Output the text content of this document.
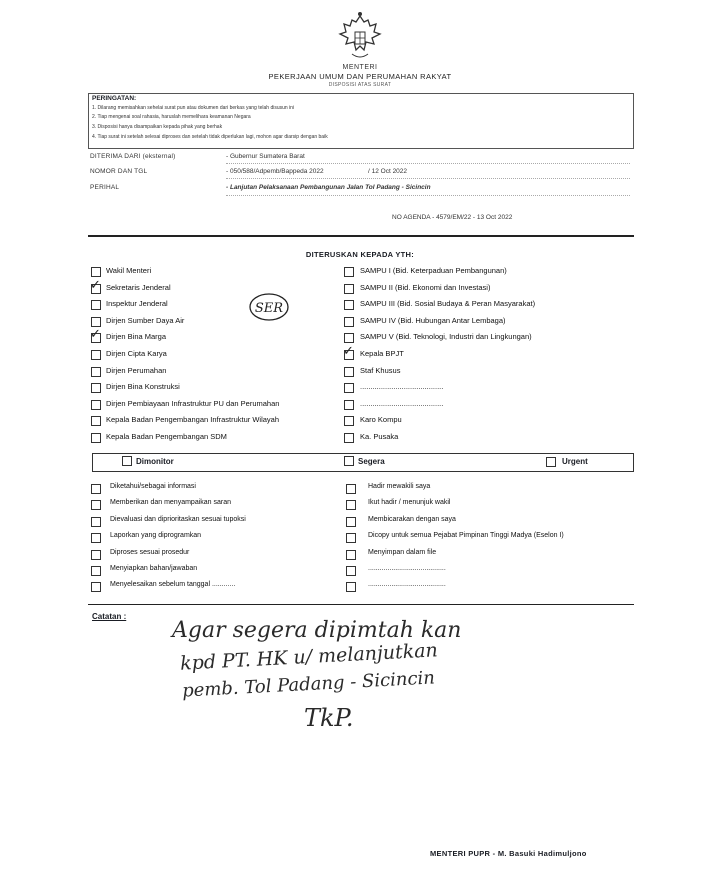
MENTERI
PEKERJAAN UMUM DAN PERUMAHAN RAKYAT
DISPOSISI ATAS SURAT
PERINGATAN:
1. Dilarang memisahkan sehelai surat pun atau dokumen dari berkas yang telah disusun ini
2. Tiap mengenai soal rahasia, haruslah memelihara keamanan Negara
3. Disposisi hanya disampaikan kepada pihak yang berhak
4. Tiap surat ini setelah selesai diproses dan setelah tidak diperlukan lagi, mohon agar diarsip dengan baik
DITERIMA DARI (eksternal)	- Gubernur Sumatera Barat
NOMOR DAN TGL	- 050/588/Adpemb/Bappeda 2022	/ 12 Oct 2022
PERIHAL	- Lanjutan Pelaksanaan Pembangunan Jalan Tol Padang - Sicincin
NO AGENDA - 4579/EM/22 - 13 Oct 2022
DITERUSKAN KEPADA YTH:
Wakil Menteri
✓ Sekretaris Jenderal
Inspektur Jenderal
Dirjen Sumber Daya Air
✓ Dirjen Bina Marga
Dirjen Cipta Karya
Dirjen Perumahan
Dirjen Bina Konstruksi
Dirjen Pembiayaan Infrastruktur PU dan Perumahan
Kepala Badan Pengembangan Infrastruktur Wilayah
Kepala Badan Pengembangan SDM
SAMPU I (Bid. Keterpaduan Pembangunan)
SAMPU II (Bid. Ekonomi dan Investasi)
SAMPU III (Bid. Sosial Budaya & Peran Masyarakat)
SAMPU IV (Bid. Hubungan Antar Lembaga)
SAMPU V (Bid. Teknologi, Industri dan Lingkungan)
✓ Kepala BPJT
Staf Khusus
........................................
........................................
Karo Kompu
Ka. Pusaka
SER
Dimonitor	Segera	Urgent
Diketahui/sebagai informasi
Memberikan dan menyampaikan saran
Dievaluasi dan diprioritaskan sesuai tupoksi
Laporkan yang diprogramkan
Diproses sesuai prosedur
Menyiapkan bahan/jawaban
Menyelesaikan sebelum tanggal ............
Hadir mewakili saya
Ikut hadir / menunjuk wakil
Membicarakan dengan saya
Dicopy untuk semua Pejabat Pimpinan Tinggi Madya (Eselon I)
Menyimpan dalam file
........................................
........................................
Catatan :
Agar segera dipimtah kan
kpd PT. HK u/ melanjutkan
pemb. Tol Padang - Sicincin
TkP.
MENTERI PUPR - M. Basuki Hadimuljono
